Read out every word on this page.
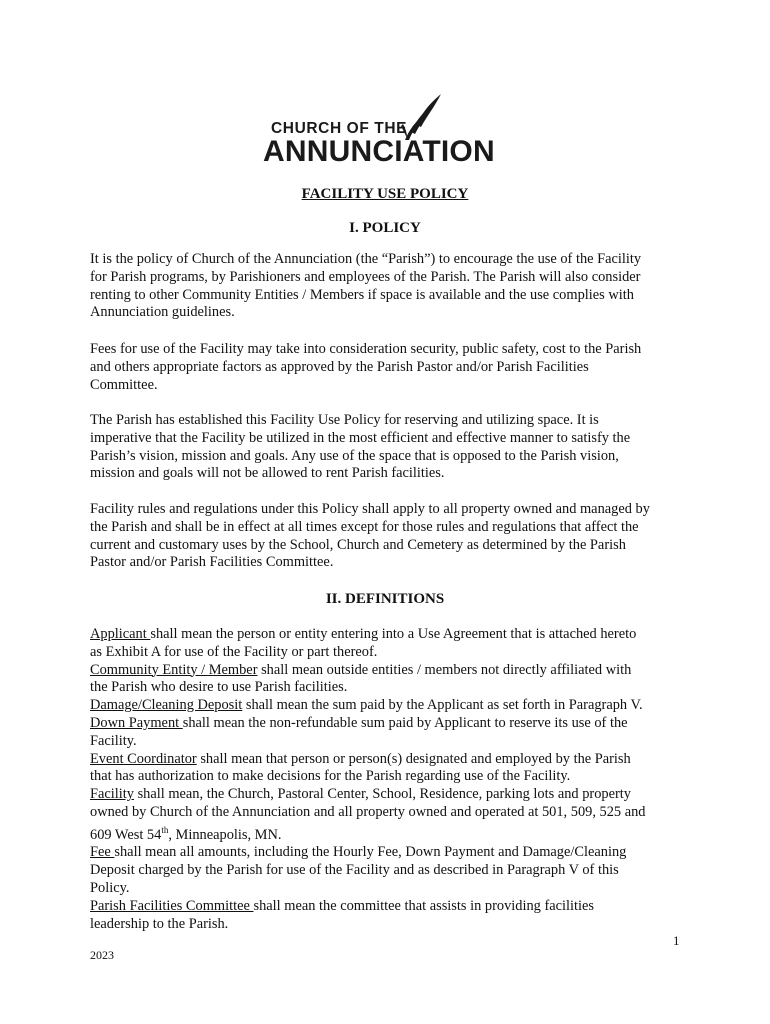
CHURCH OF THE
ANNUNCIATION
FACILITY USE POLICY
I. POLICY
It is the policy of Church of the Annunciation (the “Parish”) to encourage the use of the Facility
for Parish programs, by Parishioners and employees of the Parish. The Parish will also consider
renting to other Community Entities / Members if space is available and the use complies with
Annunciation guidelines.
Fees for use of the Facility may take into consideration security, public safety, cost to the Parish
and others appropriate factors as approved by the Parish Pastor and/or Parish Facilities
Committee.
The Parish has established this Facility Use Policy for reserving and utilizing space. It is
imperative that the Facility be utilized in the most efficient and effective manner to satisfy the
Parish’s vision, mission and goals. Any use of the space that is opposed to the Parish vision,
mission and goals will not be allowed to rent Parish facilities.
Facility rules and regulations under this Policy shall apply to all property owned and managed by
the Parish and shall be in effect at all times except for those rules and regulations that affect the
current and customary uses by the School, Church and Cemetery as determined by the Parish
Pastor and/or Parish Facilities Committee.
II. DEFINITIONS
Applicant shall mean the person or entity entering into a Use Agreement that is attached hereto
as Exhibit A for use of the Facility or part thereof.
Community Entity / Member shall mean outside entities / members not directly affiliated with
the Parish who desire to use Parish facilities.
Damage/Cleaning Deposit shall mean the sum paid by the Applicant as set forth in Paragraph V.
Down Payment shall mean the non-refundable sum paid by Applicant to reserve its use of the
Facility.
Event Coordinator shall mean that person or person(s) designated and employed by the Parish
that has authorization to make decisions for the Parish regarding use of the Facility.
Facility shall mean, the Church, Pastoral Center, School, Residence, parking lots and property
owned by Church of the Annunciation and all property owned and operated at 501, 509, 525 and
609 West 54th, Minneapolis, MN.
Fee shall mean all amounts, including the Hourly Fee, Down Payment and Damage/Cleaning
Deposit charged by the Parish for use of the Facility and as described in Paragraph V of this
Policy.
Parish Facilities Committee shall mean the committee that assists in providing facilities
leadership to the Parish.
1
2023
